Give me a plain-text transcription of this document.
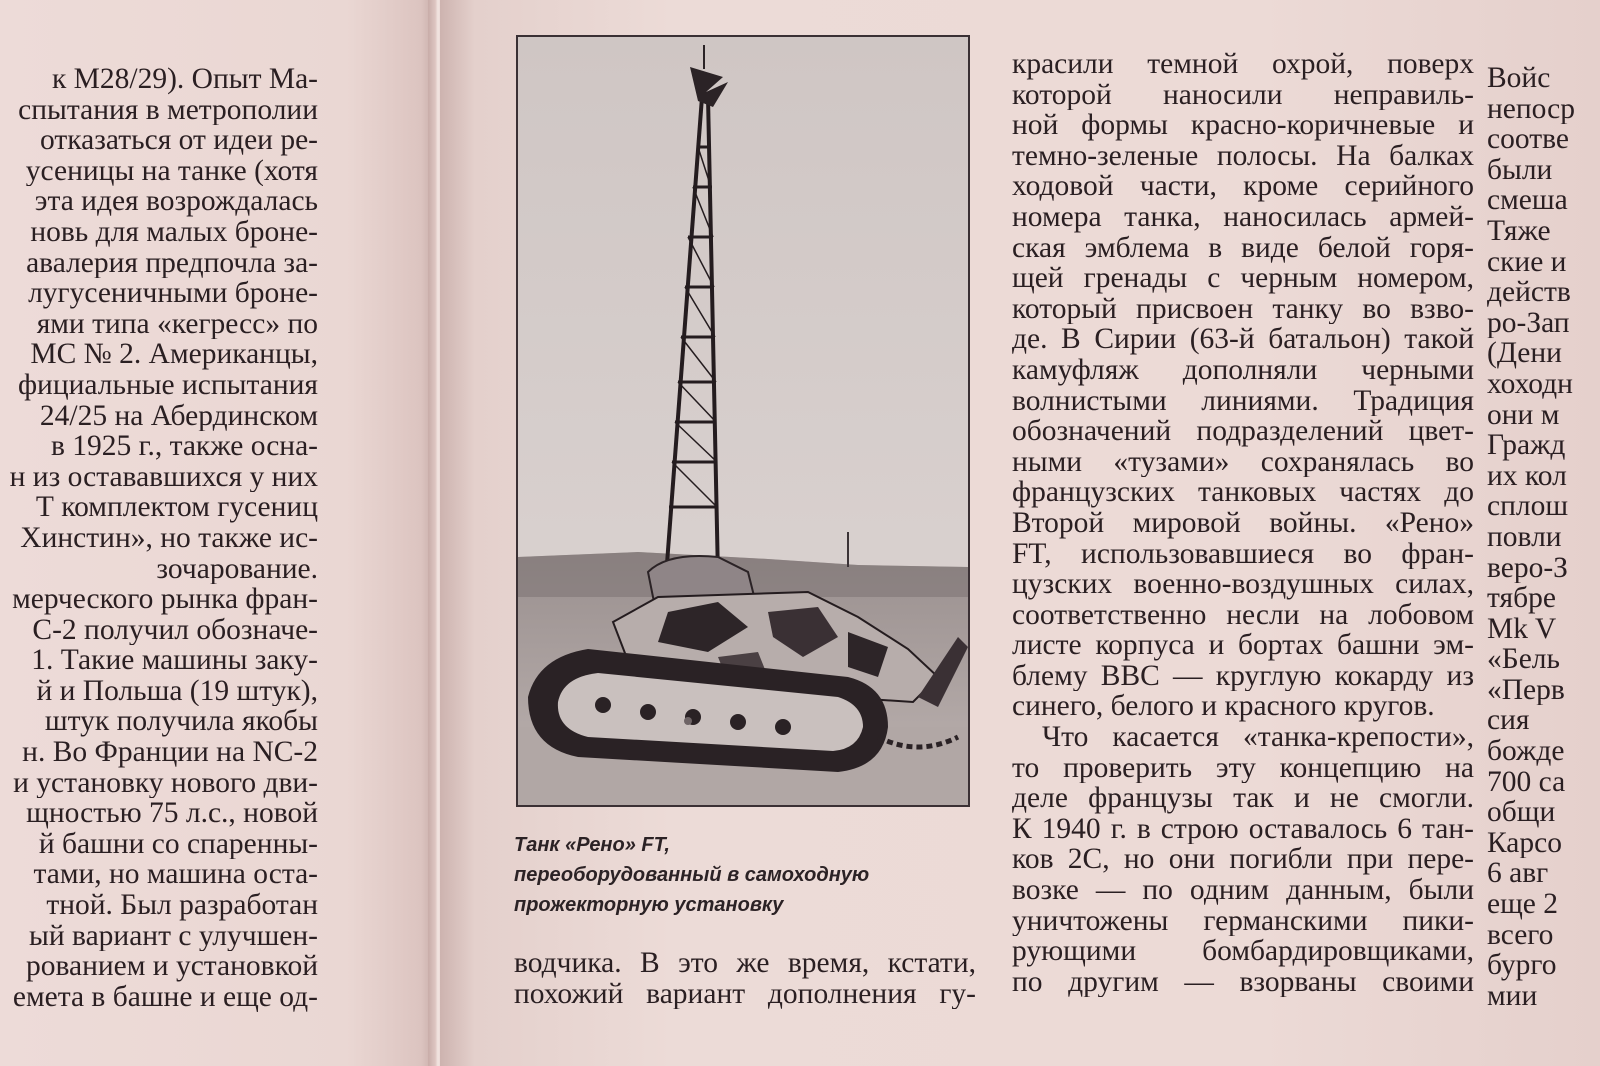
к M28/29). Опыт Ма-
спытания в метрополии
отказаться от идеи ре-
усеницы на танке (хотя
эта идея возрождалась
новь для малых броне-
авалерия предпочла за-
лугусеничными броне-
ями типа «кегресс» по
МС № 2. Американцы,
фициальные испытания
24/25 на Абердинском
в 1925 г., также осна-
н из остававшихся у них
Т комплектом гусениц
Хинстин», но также ис-
зочарование.
мерческого рынка фран-
С-2 получил обозначе-
1. Такие машины заку-
й и Польша (19 штук),
штук получила якобы
н. Во Франции на NC-2
и установку нового дви-
щностью 75 л.с., новой
й башни со спаренны-
тами, но машина оста-
тной. Был разработан
ый вариант с улучшен-
рованием и установкой
емета в башне и еще од-
Танк «Рено» FT,
переоборудованный в самоходную
прожекторную установку
водчика. В это же время, кстати,
похожий вариант дополнения гу-
красили темной охрой, поверх
которой наносили неправиль-
ной формы красно-коричневые и
темно-зеленые полосы. На балках
ходовой части, кроме серийного
номера танка, наносилась армей-
ская эмблема в виде белой горя-
щей гренады с черным номером,
который присвоен танку во взво-
де. В Сирии (63-й батальон) такой
камуфляж дополняли черными
волнистыми линиями. Традиция
обозначений подразделений цвет-
ными «тузами» сохранялась во
французских танковых частях до
Второй мировой войны. «Рено»
FT, использовавшиеся во фран-
цузских военно-воздушных силах,
соответственно несли на лобовом
листе корпуса и бортах башни эм-
блему ВВС — круглую кокарду из
синего, белого и красного кругов.
Что касается «танка-крепости»,
то проверить эту концепцию на
деле французы так и не смогли.
К 1940 г. в строю оставалось 6 тан-
ков 2С, но они погибли при пере-
возке — по одним данным, были
уничтожены германскими пики-
рующими бомбардировщиками,
по другим — взорваны своими
Войс
непоср
соотве
были
смеша
Тяже
ские и
действ
ро-Зап
(Дени
хоходн
они м
Гражд
их кол
сплош
повли
веро-З
тябре
Mk V
«Бель
«Перв
сия
божде
700 са
общи
Карсо
6 авг
еще 2
всего
бурго
мии
